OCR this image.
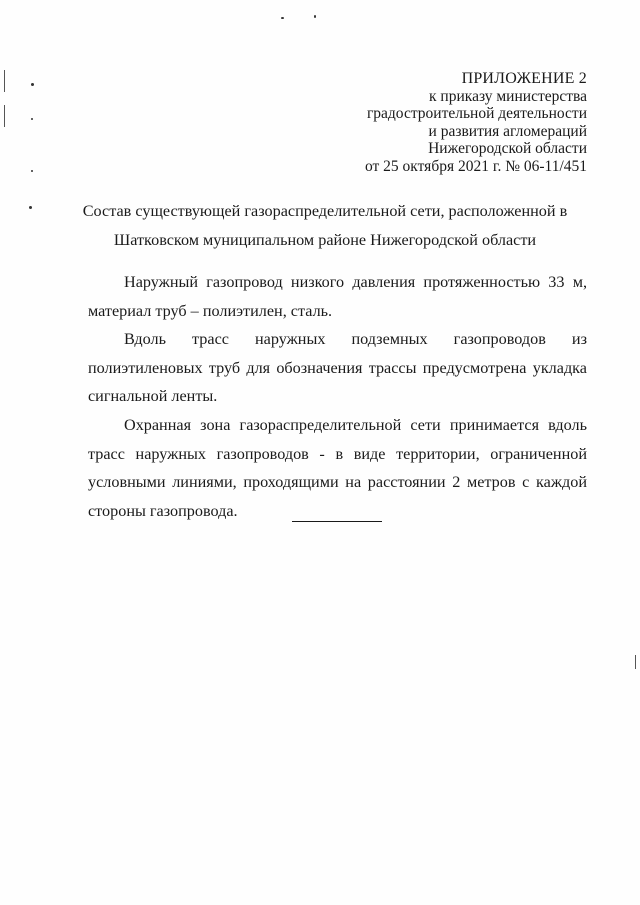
ПРИЛОЖЕНИЕ 2
к приказу министерства
градостроительной деятельности
и развития агломераций
Нижегородской области
от 25 октября 2021 г. № 06-11/451
Состав существующей газораспределительной сети, расположенной в
Шатковском муниципальном районе Нижегородской области

Наружный газопровод низкого давления протяженностью 33 м, материал труб – полиэтилен, сталь.

Вдоль трасс наружных подземных газопроводов из полиэтиленовых труб для обозначения трассы предусмотрена укладка сигнальной ленты.

Охранная зона газораспределительной сети принимается вдоль трасс наружных газопроводов - в виде территории, ограниченной условными линиями, проходящими на расстоянии 2 метров с каждой стороны газопровода.
